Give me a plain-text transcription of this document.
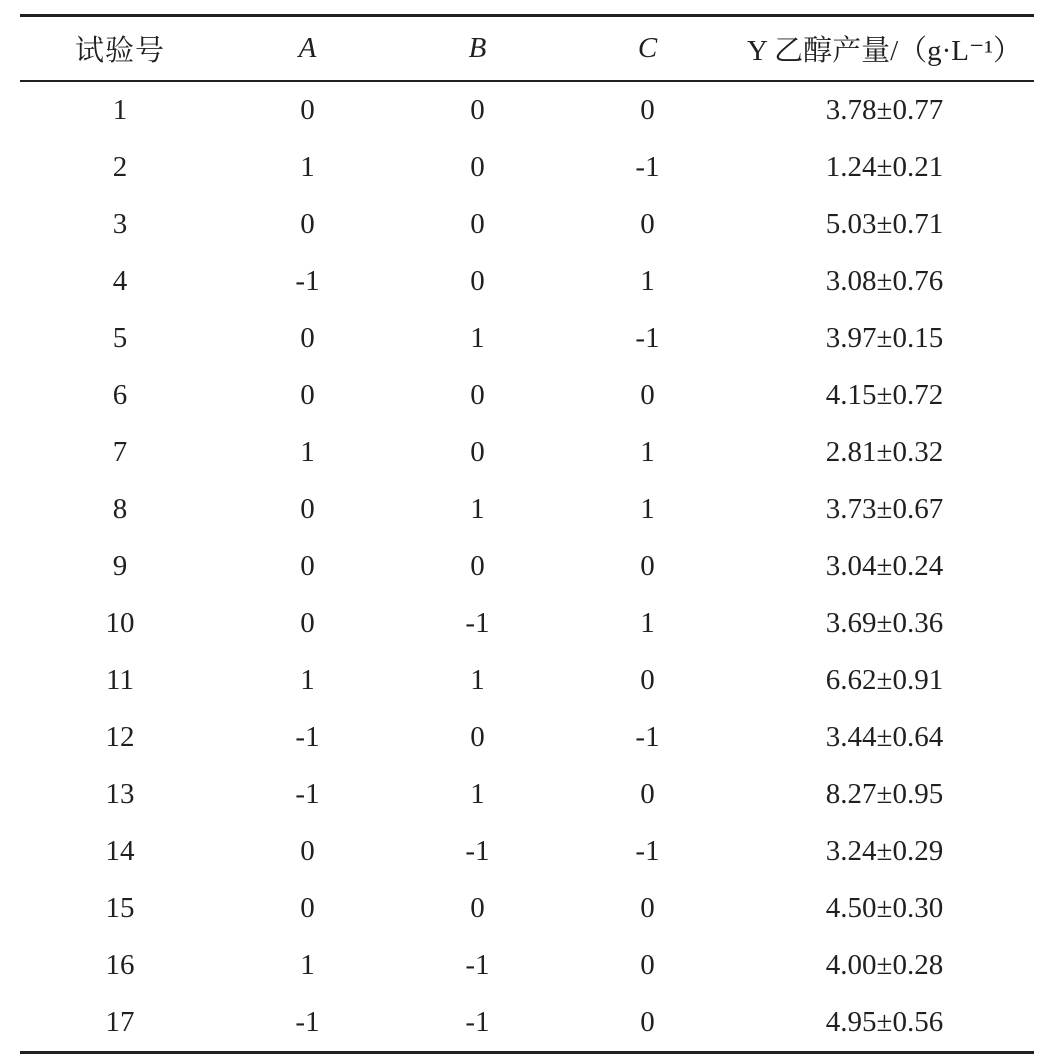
试验号	A	B	C	Y 乙醇产量/（g·L⁻¹）
1	0	0	0	3.78±0.77
2	1	0	-1	1.24±0.21
3	0	0	0	5.03±0.71
4	-1	0	1	3.08±0.76
5	0	1	-1	3.97±0.15
6	0	0	0	4.15±0.72
7	1	0	1	2.81±0.32
8	0	1	1	3.73±0.67
9	0	0	0	3.04±0.24
10	0	-1	1	3.69±0.36
11	1	1	0	6.62±0.91
12	-1	0	-1	3.44±0.64
13	-1	1	0	8.27±0.95
14	0	-1	-1	3.24±0.29
15	0	0	0	4.50±0.30
16	1	-1	0	4.00±0.28
17	-1	-1	0	4.95±0.56
